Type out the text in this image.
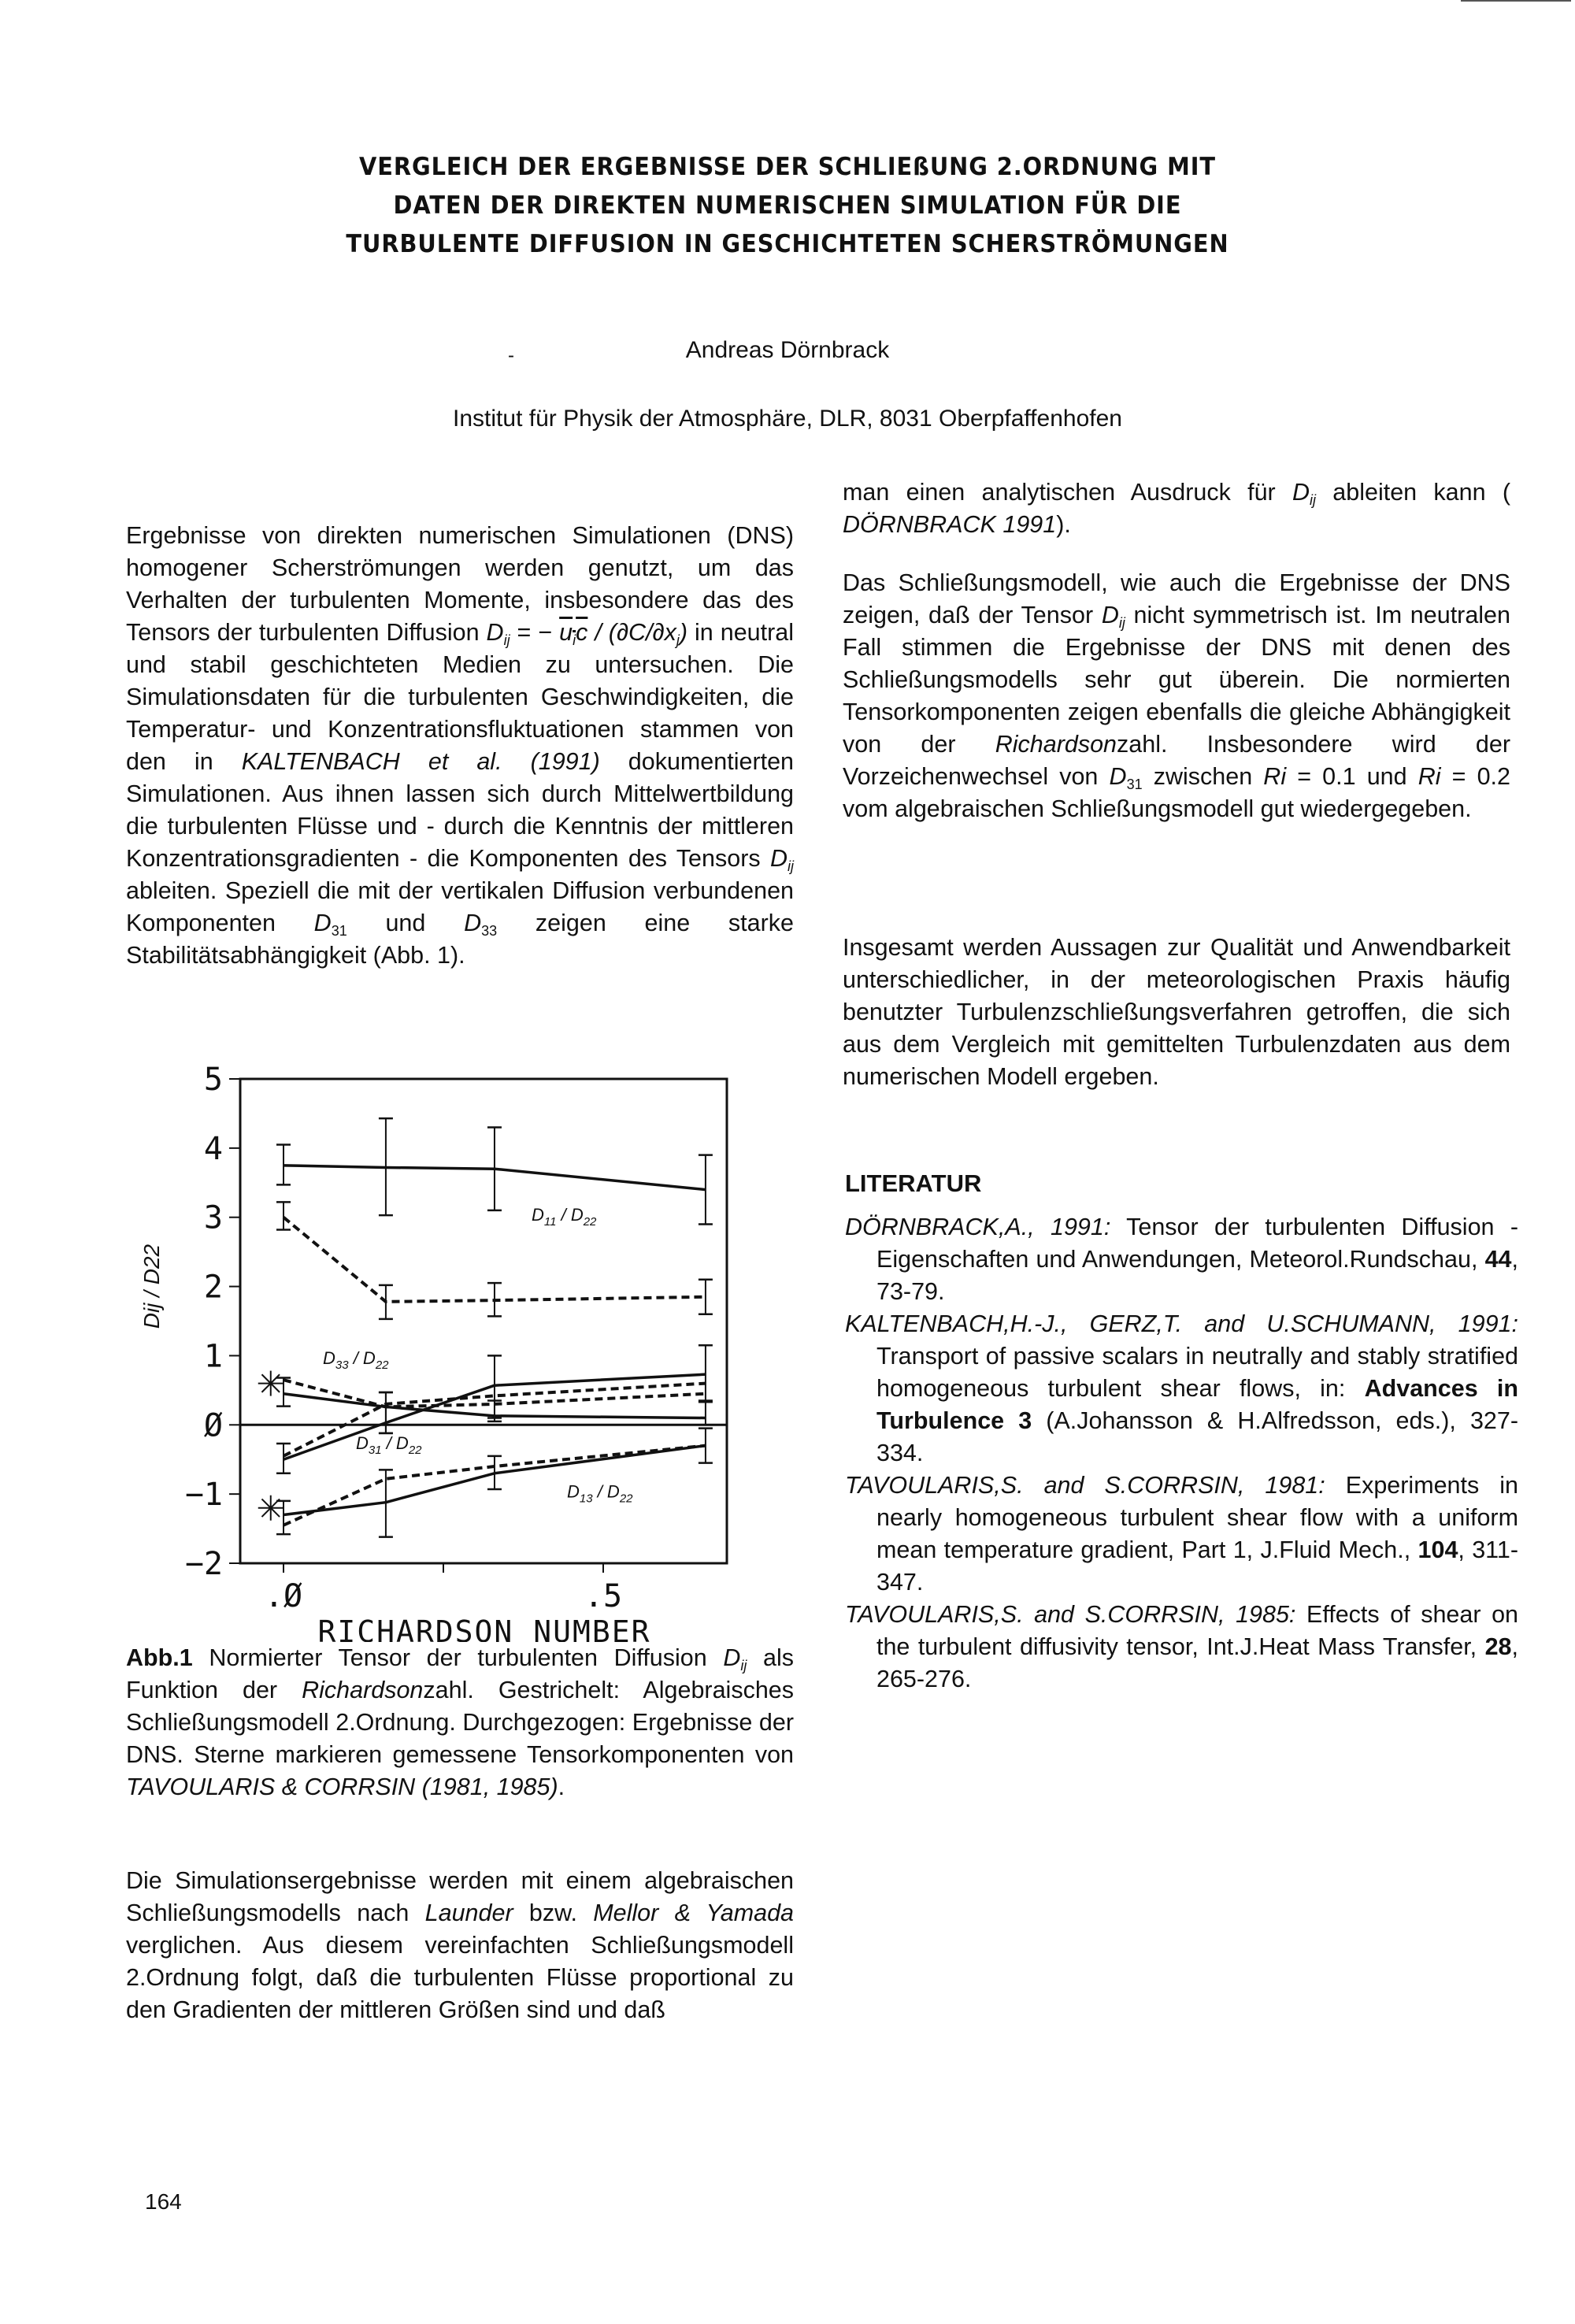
VERGLEICH DER ERGEBNISSE DER SCHLIEßUNG 2.ORDNUNG MIT
DATEN DER DIREKTEN NUMERISCHEN SIMULATION FÜR DIE
TURBULENTE DIFFUSION IN GESCHICHTETEN SCHERSTRÖMUNGEN
-	Andreas Dörnbrack
Institut für Physik der Atmosphäre, DLR, 8031 Oberpfaffenhofen

Ergebnisse von direkten numerischen Simulationen (DNS) homogener Scherströmungen werden genutzt, um das Verhalten der turbulenten Momente, insbesondere das des Tensors der turbulenten Diffusion $D_{ij}$ = − $u_ic / (\partial C/\partial x_j)$ in neutral und stabil geschichteten Medien zu untersuchen. Die Simulationsdaten für die turbulenten Geschwindigkeiten, die Temperatur- und Konzentrationsfluktuationen stammen von den in KALTENBACH et al. (1991) dokumentierten Simulationen. Aus ihnen lassen sich durch Mittelwertbildung die turbulenten Flüsse und - durch die Kenntnis der mittleren Konzentrationsgradienten - die Komponenten des Tensors $D_{ij}$ ableiten. Speziell die mit der vertikalen Diffusion verbundenen Komponenten $D_{31}$ und $D_{33}$ zeigen eine starke Stabilitätsabhängigkeit (Abb. 1).

5
4
3
2
1
Ø
−1
−2
.Ø	.5
RICHARDSON NUMBER
Dij / D22
$D_{11} / D_{22}$
$D_{33} / D_{22}$
$D_{31} / D_{22}$
$D_{13} / D_{22}$
Abb.1 Normierter Tensor der turbulenten Diffusion $D_{ij}$ als Funktion der Richardsonzahl. Gestrichelt: Algebraisches Schließungsmodell 2.Ordnung. Durchgezogen: Ergebnisse der DNS. Sterne markieren gemessene Tensorkomponenten von TAVOULARIS & CORRSIN (1981, 1985).

Die Simulationsergebnisse werden mit einem algebraischen Schließungsmodells nach Launder bzw. Mellor & Yamada verglichen. Aus diesem vereinfachten Schließungsmodell 2.Ordnung folgt, daß die turbulenten Flüsse proportional zu den Gradienten der mittleren Größen sind und daß

man einen analytischen Ausdruck für $D_{ij}$ ableiten kann ( DÖRNBRACK 1991).

Das Schließungsmodell, wie auch die Ergebnisse der DNS zeigen, daß der Tensor $D_{ij}$ nicht symmetrisch ist. Im neutralen Fall stimmen die Ergebnisse der DNS mit denen des Schließungsmodells sehr gut überein. Die normierten Tensorkomponenten zeigen ebenfalls die gleiche Abhängigkeit von der Richardsonzahl. Insbesondere wird der Vorzeichenwechsel von $D_{31}$ zwischen Ri = 0.1 und Ri = 0.2 vom algebraischen Schließungsmodell gut wiedergegeben.

Insgesamt werden Aussagen zur Qualität und Anwendbarkeit unterschiedlicher, in der meteorologischen Praxis häufig benutzter Turbulenzschließungsverfahren getroffen, die sich aus dem Vergleich mit gemittelten Turbulenzdaten aus dem numerischen Modell ergeben.

LITERATUR
DÖRNBRACK,A., 1991: Tensor der turbulenten Diffusion - Eigenschaften und Anwendungen, Meteorol.Rundschau, 44, 73-79.
KALTENBACH,H.-J., GERZ,T. and U.SCHUMANN, 1991: Transport of passive scalars in neutrally and stably stratified homogeneous turbulent shear flows, in: Advances in Turbulence 3 (A.Johansson & H.Alfredsson, eds.), 327-334.
TAVOULARIS,S. and S.CORRSIN, 1981: Experiments in nearly homogeneous turbulent shear flow with a uniform mean temperature gradient, Part 1, J.Fluid Mech., 104, 311-347.
TAVOULARIS,S. and S.CORRSIN, 1985: Effects of shear on the turbulent diffusivity tensor, Int.J.Heat Mass Transfer, 28, 265-276.
164
